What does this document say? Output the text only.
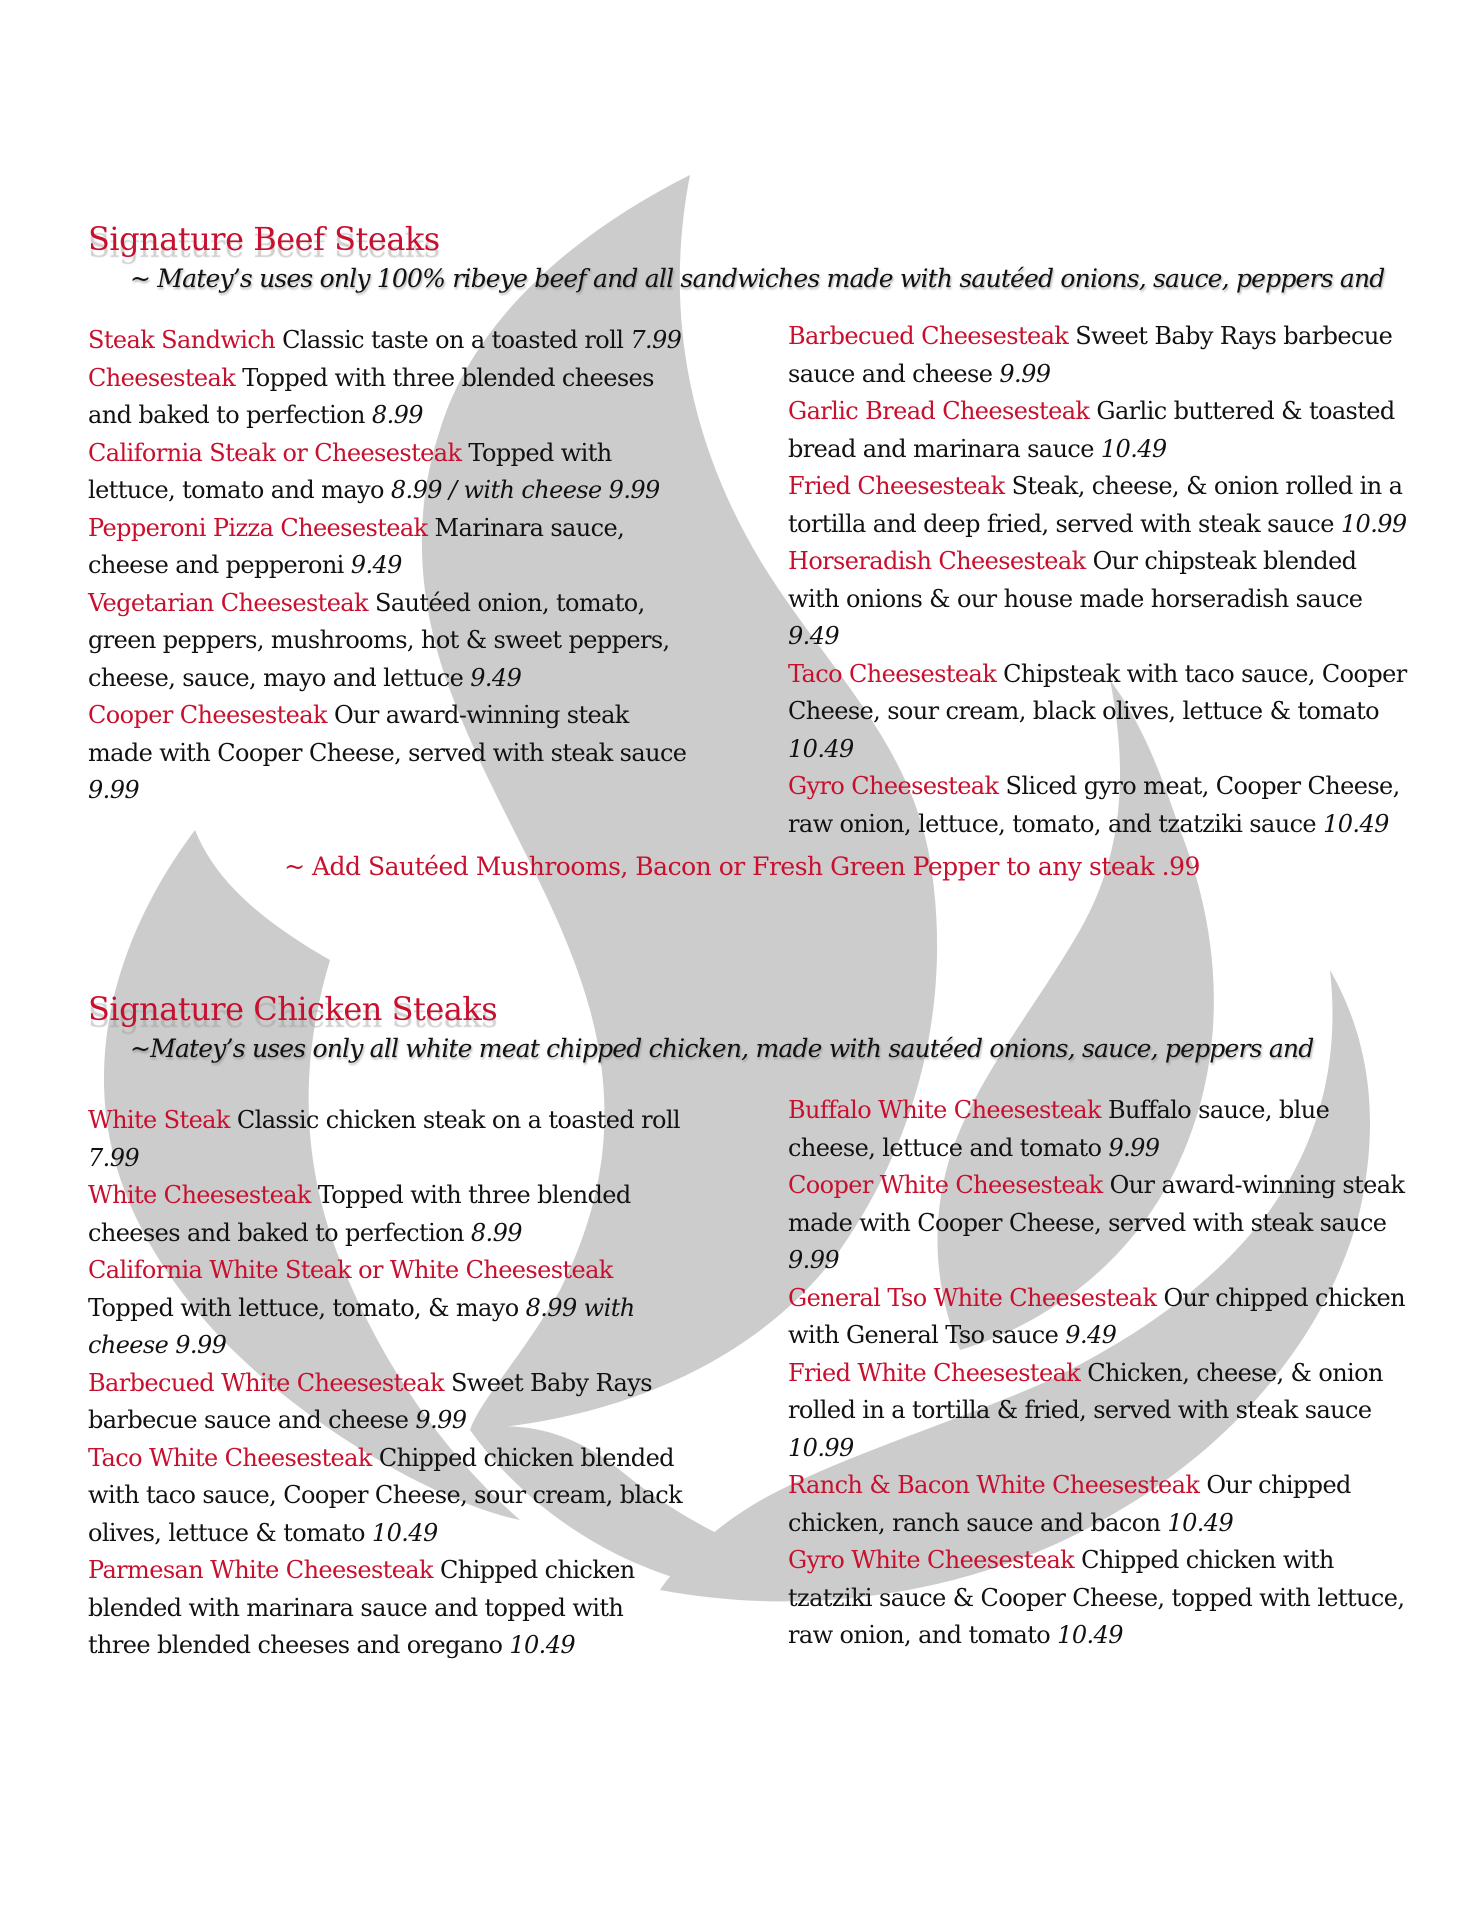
Signature Beef Steaks

~ Matey’s uses only 100% ribeye beef and all sandwiches made with sautéed onions, sauce, peppers and

Steak Sandwich Classic taste on a toasted roll 7.99

Cheesesteak Topped with three blended cheeses and baked to perfection 8.99

California Steak or Cheesesteak Topped with lettuce, tomato and mayo 8.99 / with cheese 9.99

Pepperoni Pizza Cheesesteak Marinara sauce, cheese and pepperoni 9.49

Vegetarian Cheesesteak Sautéed onion, tomato, green peppers, mushrooms, hot & sweet peppers, cheese, sauce, mayo and lettuce 9.49

Cooper Cheesesteak Our award-winning steak made with Cooper Cheese, served with steak sauce 9.99

Barbecued Cheesesteak Sweet Baby Rays barbecue sauce and cheese 9.99

Garlic Bread Cheesesteak Garlic buttered & toasted bread and marinara sauce 10.49

Fried Cheesesteak Steak, cheese, & onion rolled in a tortilla and deep fried, served with steak sauce 10.99

Horseradish Cheesesteak Our chipsteak blended with onions & our house made horseradish sauce 9.49

Taco Cheesesteak Chipsteak with taco sauce, Cooper Cheese, sour cream, black olives, lettuce & tomato 10.49

Gyro Cheesesteak Sliced gyro meat, Cooper Cheese, raw onion, lettuce, tomato, and tzatziki sauce 10.49

~ Add Sautéed Mushrooms, Bacon or Fresh Green Pepper to any steak .99

Signature Chicken Steaks

~Matey’s uses only all white meat chipped chicken, made with sautéed onions, sauce, peppers and

White Steak Classic chicken steak on a toasted roll 7.99

White Cheesesteak Topped with three blended cheeses and baked to perfection 8.99

California White Steak or White Cheesesteak Topped with lettuce, tomato, & mayo 8.99 with cheese 9.99

Barbecued White Cheesesteak Sweet Baby Rays barbecue sauce and cheese 9.99

Taco White Cheesesteak Chipped chicken blended with taco sauce, Cooper Cheese, sour cream, black olives, lettuce & tomato 10.49

Parmesan White Cheesesteak Chipped chicken blended with marinara sauce and topped with three blended cheeses and oregano 10.49

Buffalo White Cheesesteak Buffalo sauce, blue cheese, lettuce and tomato 9.99

Cooper White Cheesesteak Our award-winning steak made with Cooper Cheese, served with steak sauce 9.99

General Tso White Cheesesteak Our chipped chicken with General Tso sauce 9.49

Fried White Cheesesteak Chicken, cheese, & onion rolled in a tortilla & fried, served with steak sauce 10.99

Ranch & Bacon White Cheesesteak Our chipped chicken, ranch sauce and bacon 10.49

Gyro White Cheesesteak Chipped chicken with tzatziki sauce & Cooper Cheese, topped with lettuce, raw onion, and tomato 10.49
